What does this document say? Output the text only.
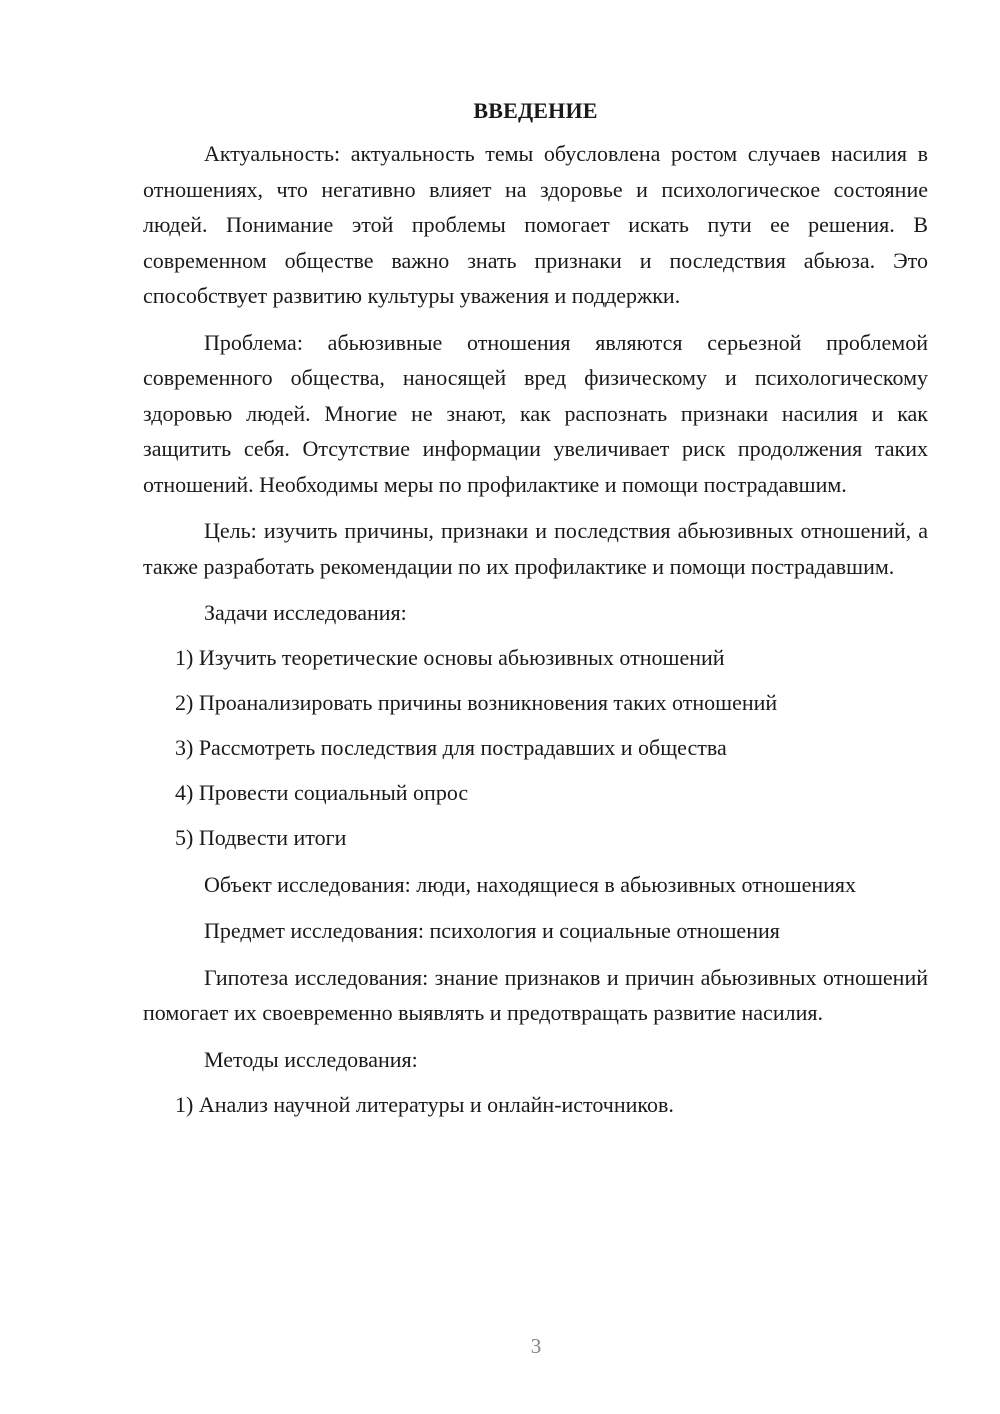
ВВЕДЕНИЕ

Актуальность: актуальность темы обусловлена ростом случаев насилия в отношениях, что негативно влияет на здоровье и психологическое состояние людей. Понимание этой проблемы помогает искать пути ее решения. В современном обществе важно знать признаки и последствия абьюза. Это способствует развитию культуры уважения и поддержки.

Проблема: абьюзивные отношения являются серьезной проблемой современного общества, наносящей вред физическому и психологическому здоровью людей. Многие не знают, как распознать признаки насилия и как защитить себя. Отсутствие информации увеличивает риск продолжения таких отношений. Необходимы меры по профилактике и помощи пострадавшим.

Цель: изучить причины, признаки и последствия абьюзивных отношений, а также разработать рекомендации по их профилактике и помощи пострадавшим.

Задачи исследования:

1) Изучить теоретические основы абьюзивных отношений
2) Проанализировать причины возникновения таких отношений
3) Рассмотреть последствия для пострадавших и общества
4) Провести социальный опрос
5) Подвести итоги

Объект исследования: люди, находящиеся в абьюзивных отношениях

Предмет исследования: психология и социальные отношения

Гипотеза исследования: знание признаков и причин абьюзивных отношений помогает их своевременно выявлять и предотвращать развитие насилия.

Методы исследования:

1) Анализ научной литературы и онлайн-источников.
3
